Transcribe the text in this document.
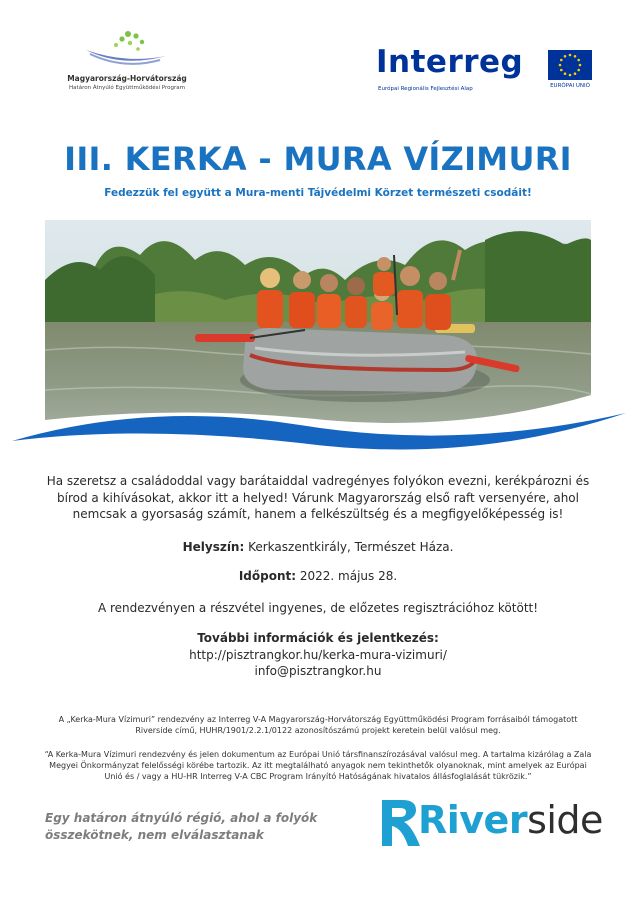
Magyarország-Horvátország
Határon Átnyúló Együttműködési Program
Interreg
Európai Regionális Fejlesztési Alap	EURÓPAI UNIÓ
III. KERKA - MURA VÍZIMURI
Fedezzük fel együtt a Mura-menti Tájvédelmi Körzet természeti csodáit!
Ha szeretsz a családoddal vagy barátaiddal vadregényes folyókon evezni, kerékpározni és bírod a kihívásokat, akkor itt a helyed! Várunk Magyarország első raft versenyére, ahol nemcsak a gyorsaság számít, hanem a felkészültség és a megfigyelőképesség is!
Helyszín: Kerkaszentkirály, Természet Háza.
Időpont: 2022. május 28.
A rendezvényen a részvétel ingyenes, de előzetes regisztrációhoz kötött!
További információk és jelentkezés:
http://pisztrangkor.hu/kerka-mura-vizimuri/
info@pisztrangkor.hu
A „Kerka-Mura Vízimuri” rendezvény az Interreg V-A Magyarország-Horvátország Együttműködési Program forrásaiból támogatott Riverside című, HUHR/1901/2.2.1/0122 azonosítószámú projekt keretein belül valósul meg.
“A Kerka-Mura Vízimuri rendezvény és jelen dokumentum az Európai Unió társfinanszírozásával valósul meg. A tartalma kizárólag a Zala Megyei Önkormányzat felelősségi körébe tartozik. Az itt megtalálható anyagok nem tekinthetők olyanoknak, mint amelyek az Európai Unió és / vagy a HU-HR Interreg V-A CBC Program Irányító Hatóságának hivatalos állásfoglalását tükrözik.”
Egy határon átnyúló régió, ahol a folyók
összekötnek, nem elválasztanak	Riverside
